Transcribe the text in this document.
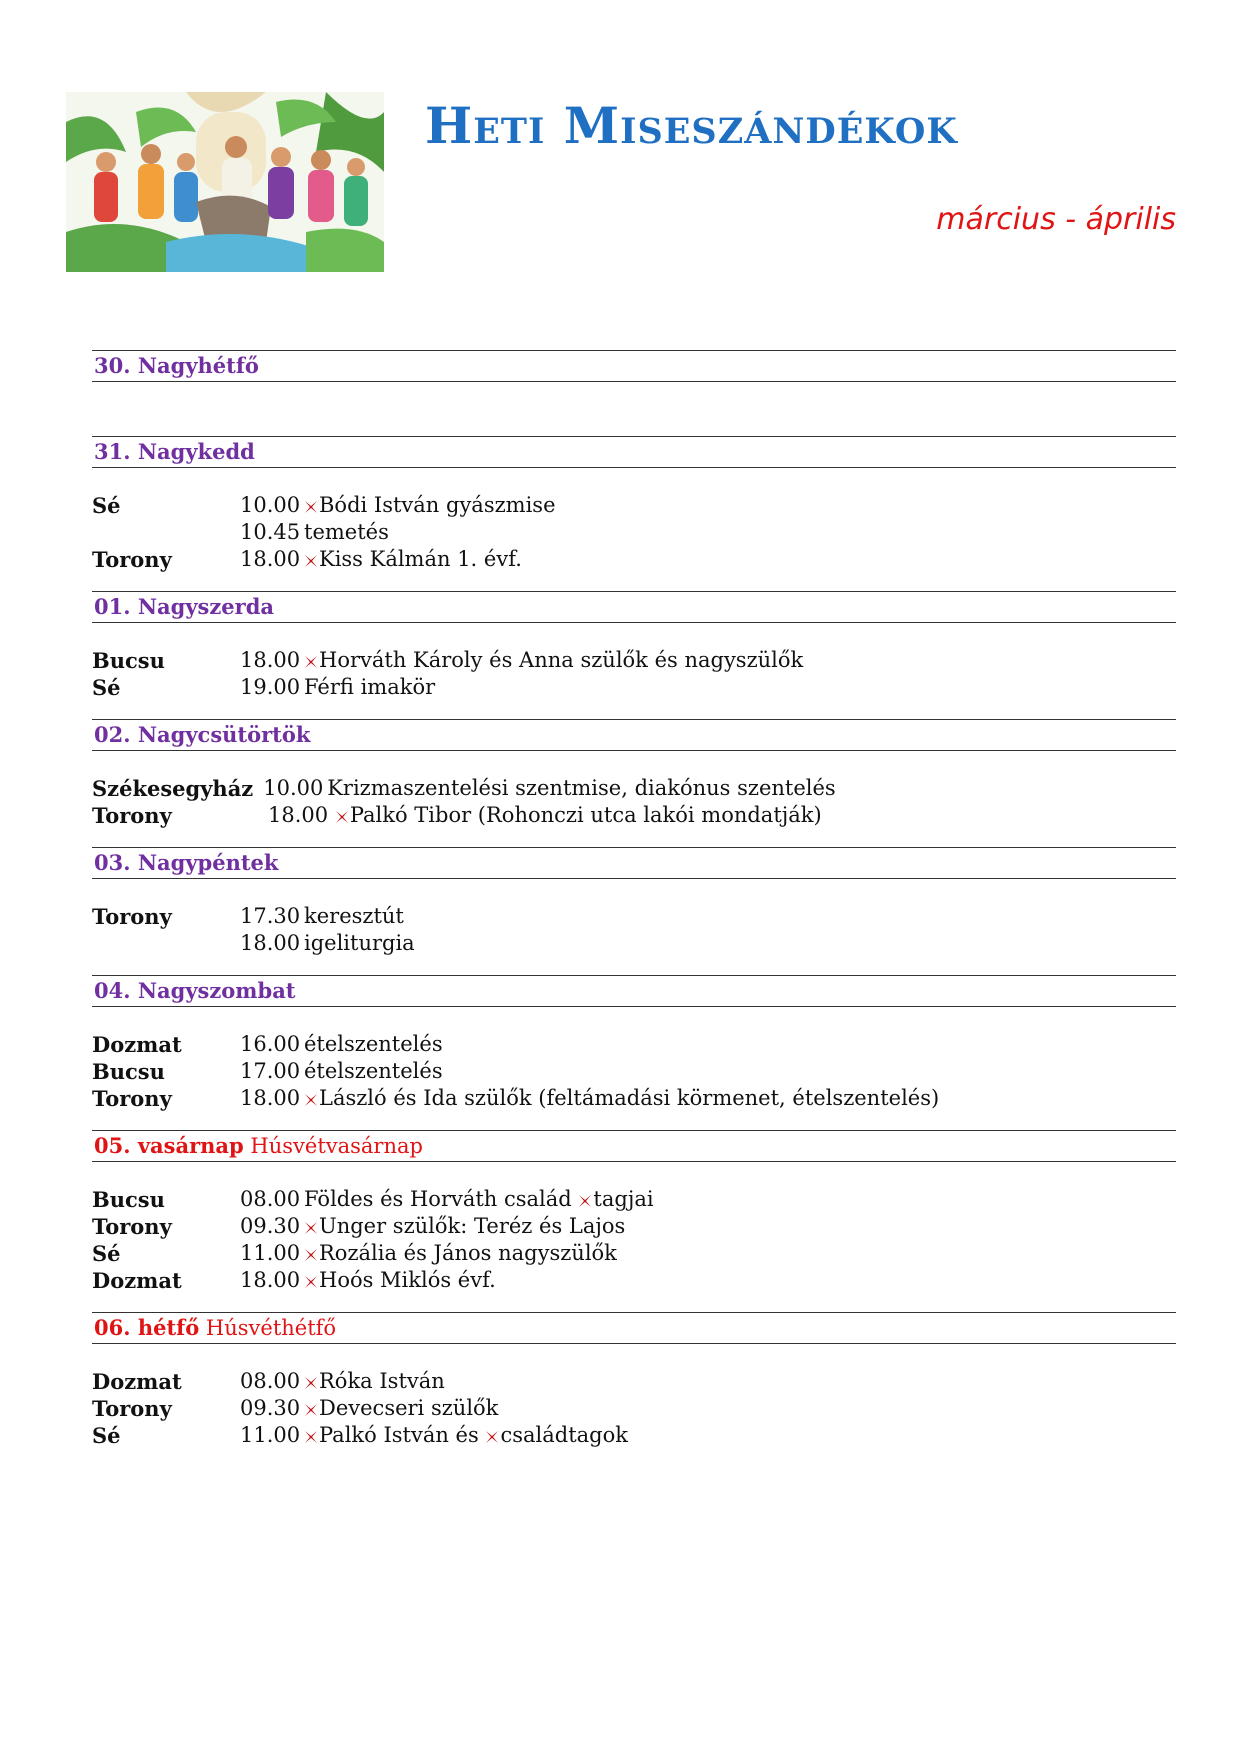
Heti Miseszándékok
március - április
30. Nagyhétfő
31. Nagykedd
Sé	10.00 Bódi István gyászmise
10.45 temetés
Torony	18.00 Kiss Kálmán 1. évf.
01. Nagyszerda
Bucsu	18.00 Horváth Károly és Anna szülők és nagyszülők
Sé	19.00 Férfi imakör
02. Nagycsütörtök
Székesegyház 10.00 Krizmaszentelési szentmise, diakónus szentelés
Torony	18.00 Palkó Tibor (Rohonczi utca lakói mondatják)
03. Nagypéntek
Torony	17.30 keresztút
18.00 igeliturgia
04. Nagyszombat
Dozmat	16.00 ételszentelés
Bucsu	17.00 ételszentelés
Torony	18.00 László és Ida szülők (feltámadási körmenet, ételszentelés)
05. vasárnap Húsvétvasárnap
Bucsu	08.00 Földes és Horváth család tagjai
Torony	09.30 Unger szülők: Teréz és Lajos
Sé	11.00 Rozália és János nagyszülők
Dozmat	18.00 Hoós Miklós évf.
06. hétfő Húsvéthétfő
Dozmat	08.00 Róka István
Torony	09.30 Devecseri szülők
Sé	11.00 Palkó István és családtagok
